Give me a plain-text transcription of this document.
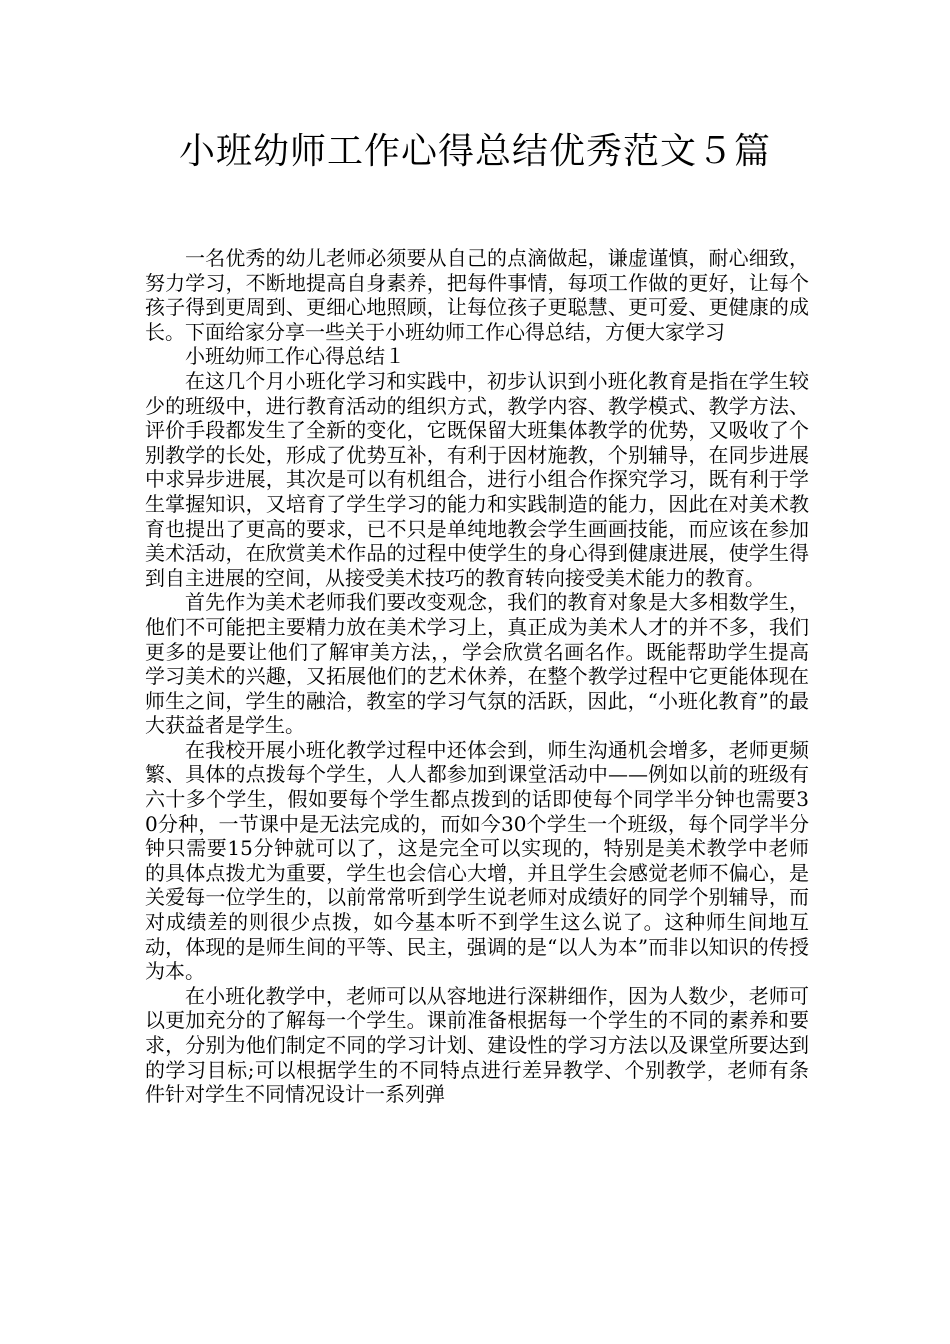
小班幼师工作心得总结优秀范文５篇

一名优秀的幼儿老师必须要从自己的点滴做起，谦虚谨慎，耐心细致，努力学习，不断地提高自身素养，把每件事情，每项工作做的更好，让每个孩子得到更周到、更细心地照顾，让每位孩子更聪慧、更可爱、更健康的成长。下面给家分享一些关于小班幼师工作心得总结，方便大家学习

小班幼师工作心得总结１

在这几个月小班化学习和实践中，初步认识到小班化教育是指在学生较少的班级中，进行教育活动的组织方式，教学内容、教学模式、教学方法、评价手段都发生了全新的变化，它既保留大班集体教学的优势，又吸收了个别教学的长处，形成了优势互补，有利于因材施教，个别辅导，在同步进展中求异步进展，其次是可以有机组合，进行小组合作探究学习，既有利于学生掌握知识，又培育了学生学习的能力和实践制造的能力，因此在对美术教育也提出了更高的要求，已不只是单纯地教会学生画画技能，而应该在参加美术活动，在欣赏美术作品的过程中使学生的身心得到健康进展，使学生得到自主进展的空间，从接受美术技巧的教育转向接受美术能力的教育。

首先作为美术老师我们要改变观念，我们的教育对象是大多相数学生，他们不可能把主要精力放在美术学习上，真正成为美术人才的并不多，我们更多的是要让他们了解审美方法，，学会欣赏名画名作。既能帮助学生提高学习美术的兴趣，又拓展他们的艺术休养，在整个教学过程中它更能体现在师生之间，学生的融洽，教室的学习气氛的活跃，因此，“小班化教育”的最大获益者是学生。

在我校开展小班化教学过程中还体会到，师生沟通机会增多，老师更频繁、具体的点拨每个学生，人人都参加到课堂活动中——例如以前的班级有六十多个学生，假如要每个学生都点拨到的话即使每个同学半分钟也需要30分种，一节课中是无法完成的，而如今30个学生一个班级，每个同学半分钟只需要15分钟就可以了，这是完全可以实现的，特别是美术教学中老师的具体点拨尤为重要，学生也会信心大增，并且学生会感觉老师不偏心，是关爱每一位学生的，以前常常听到学生说老师对成绩好的同学个别辅导，而对成绩差的则很少点拨，如今基本听不到学生这么说了。这种师生间地互动，体现的是师生间的平等、民主，强调的是“以人为本”而非以知识的传授为本。

在小班化教学中，老师可以从容地进行深耕细作，因为人数少，老师可以更加充分的了解每一个学生。课前准备根据每一个学生的不同的素养和要求，分别为他们制定不同的学习计划、建设性的学习方法以及课堂所要达到的学习目标;可以根据学生的不同特点进行差异教学、个别教学，老师有条件针对学生不同情况设计一系列弹
